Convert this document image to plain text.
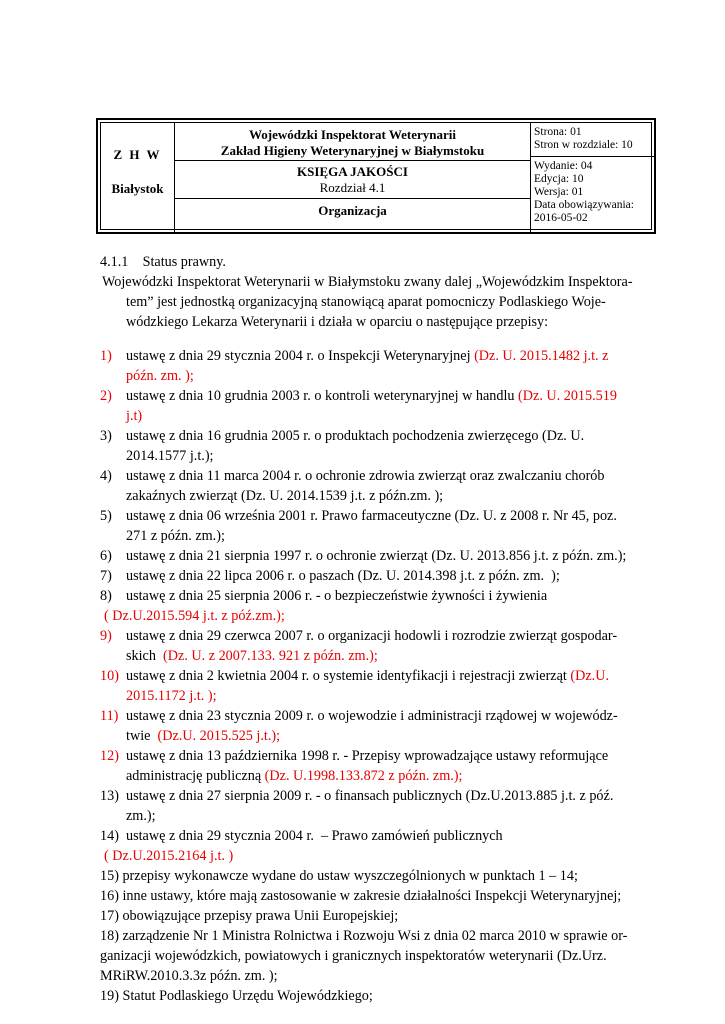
Z H W
Białystok
Wojewódzki Inspektorat Weterynarii
Zakład Higieny Weterynaryjnej w Białymstoku
KSIĘGA JAKOŚCI
Rozdział 4.1
Organizacja
Strona: 01
Stron w rozdziale: 10
Wydanie: 04
Edycja: 10
Wersja: 01
Data obowiązywania:
2016-05-02
4.1.1    Status prawny.
Wojewódzki Inspektorat Weterynarii w Białymstoku zwany dalej „Wojewódzkim Inspektora-
tem” jest jednostką organizacyjną stanowiącą aparat pomocniczy Podlaskiego Woje-
wódzkiego Lekarza Weterynarii i działa w oparciu o następujące przepisy:
1) ustawę z dnia 29 stycznia 2004 r. o Inspekcji Weterynaryjnej (Dz. U. 2015.1482 j.t. z
późn. zm. );
2) ustawę z dnia 10 grudnia 2003 r. o kontroli weterynaryjnej w handlu (Dz. U. 2015.519
j.t)
3) ustawę z dnia 16 grudnia 2005 r. o produktach pochodzenia zwierzęcego (Dz. U.
2014.1577 j.t.);
4) ustawę z dnia 11 marca 2004 r. o ochronie zdrowia zwierząt oraz zwalczaniu chorób
zakaźnych zwierząt (Dz. U. 2014.1539 j.t. z późn.zm. );
5) ustawę z dnia 06 września 2001 r. Prawo farmaceutyczne (Dz. U. z 2008 r. Nr 45, poz.
271 z późn. zm.);
6) ustawę z dnia 21 sierpnia 1997 r. o ochronie zwierząt (Dz. U. 2013.856 j.t. z późn. zm.);
7) ustawę z dnia 22 lipca 2006 r. o paszach (Dz. U. 2014.398 j.t. z późn. zm.  );
8) ustawę z dnia 25 sierpnia 2006 r. - o bezpieczeństwie żywności i żywienia
( Dz.U.2015.594 j.t. z póź.zm.);
9) ustawę z dnia 29 czerwca 2007 r. o organizacji hodowli i rozrodzie zwierząt gospodar-
skich  (Dz. U. z 2007.133. 921 z późn. zm.);
10) ustawę z dnia 2 kwietnia 2004 r. o systemie identyfikacji i rejestracji zwierząt (Dz.U.
2015.1172 j.t. );
11) ustawę z dnia 23 stycznia 2009 r. o wojewodzie i administracji rządowej w wojewódz-
twie  (Dz.U. 2015.525 j.t.);
12) ustawę z dnia 13 października 1998 r. - Przepisy wprowadzające ustawy reformujące
administrację publiczną (Dz. U.1998.133.872 z późn. zm.);
13) ustawę z dnia 27 sierpnia 2009 r. - o finansach publicznych (Dz.U.2013.885 j.t. z póź.
zm.);
14) ustawę z dnia 29 stycznia 2004 r.  – Prawo zamówień publicznych
( Dz.U.2015.2164 j.t. )
15) przepisy wykonawcze wydane do ustaw wyszczególnionych w punktach 1 – 14;
16) inne ustawy, które mają zastosowanie w zakresie działalności Inspekcji Weterynaryjnej;
17) obowiązujące przepisy prawa Unii Europejskiej;
18) zarządzenie Nr 1 Ministra Rolnictwa i Rozwoju Wsi z dnia 02 marca 2010 w sprawie or-
ganizacji wojewódzkich, powiatowych i granicznych inspektoratów weterynarii (Dz.Urz.
MRiRW.2010.3.3z późn. zm. );
19) Statut Podlaskiego Urzędu Wojewódzkiego;
